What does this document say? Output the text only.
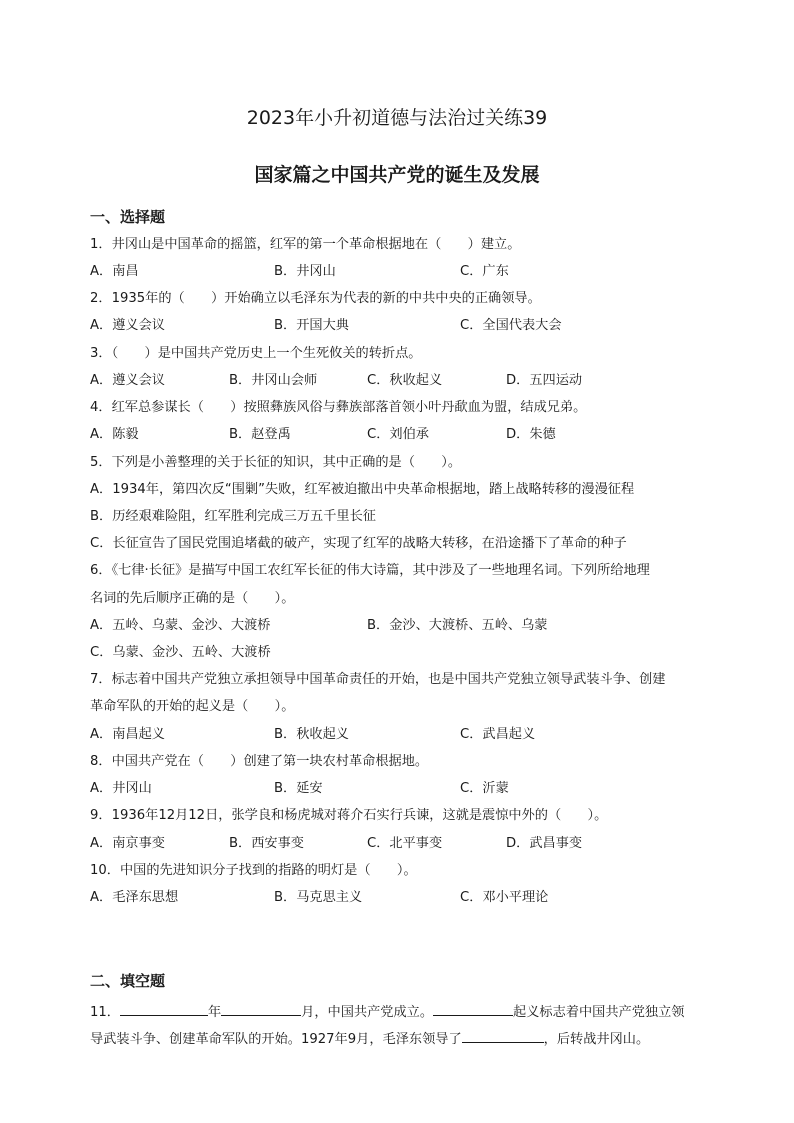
2023年小升初道德与法治过关练39
国家篇之中国共产党的诞生及发展
一、选择题
1．井冈山是中国革命的摇篮，红军的第一个革命根据地在（　　）建立。
A．南昌	B．井冈山	C．广东
2．1935年的（　　）开始确立以毛泽东为代表的新的中共中央的正确领导。
A．遵义会议	B．开国大典	C．全国代表大会
3．（　　）是中国共产党历史上一个生死攸关的转折点。
A．遵义会议	B．井冈山会师	C．秋收起义	D．五四运动
4．红军总参谋长（　　）按照彝族风俗与彝族部落首领小叶丹歃血为盟，结成兄弟。
A．陈毅	B．赵登禹	C．刘伯承	D．朱德
5．下列是小善整理的关于长征的知识，其中正确的是（　　）。
A．1934年，第四次反“围剿”失败，红军被迫撤出中央革命根据地，踏上战略转移的漫漫征程
B．历经艰难险阻，红军胜利完成三万五千里长征
C．长征宣告了国民党围追堵截的破产，实现了红军的战略大转移，在沿途播下了革命的种子
6．《七律·长征》是描写中国工农红军长征的伟大诗篇，其中涉及了一些地理名词。下列所给地理
名词的先后顺序正确的是（　　）。
A．五岭、乌蒙、金沙、大渡桥	B．金沙、大渡桥、五岭、乌蒙
C．乌蒙、金沙、五岭、大渡桥
7．标志着中国共产党独立承担领导中国革命责任的开始，也是中国共产党独立领导武装斗争、创建
革命军队的开始的起义是（　　）。
A．南昌起义	B．秋收起义	C．武昌起义
8．中国共产党在（　　）创建了第一块农村革命根据地。
A．井冈山	B．延安	C．沂蒙
9．1936年12月12日，张学良和杨虎城对蒋介石实行兵谏，这就是震惊中外的（　　）。
A．南京事变	B．西安事变	C．北平事变	D．武昌事变
10．中国的先进知识分子找到的指路的明灯是（　　）。
A．毛泽东思想	B．马克思主义	C．邓小平理论
二、填空题
11．	年	月，中国共产党成立。	起义标志着中国共产党独立领
导武装斗争、创建革命军队的开始。1927年9月，毛泽东领导了	，后转战井冈山。
